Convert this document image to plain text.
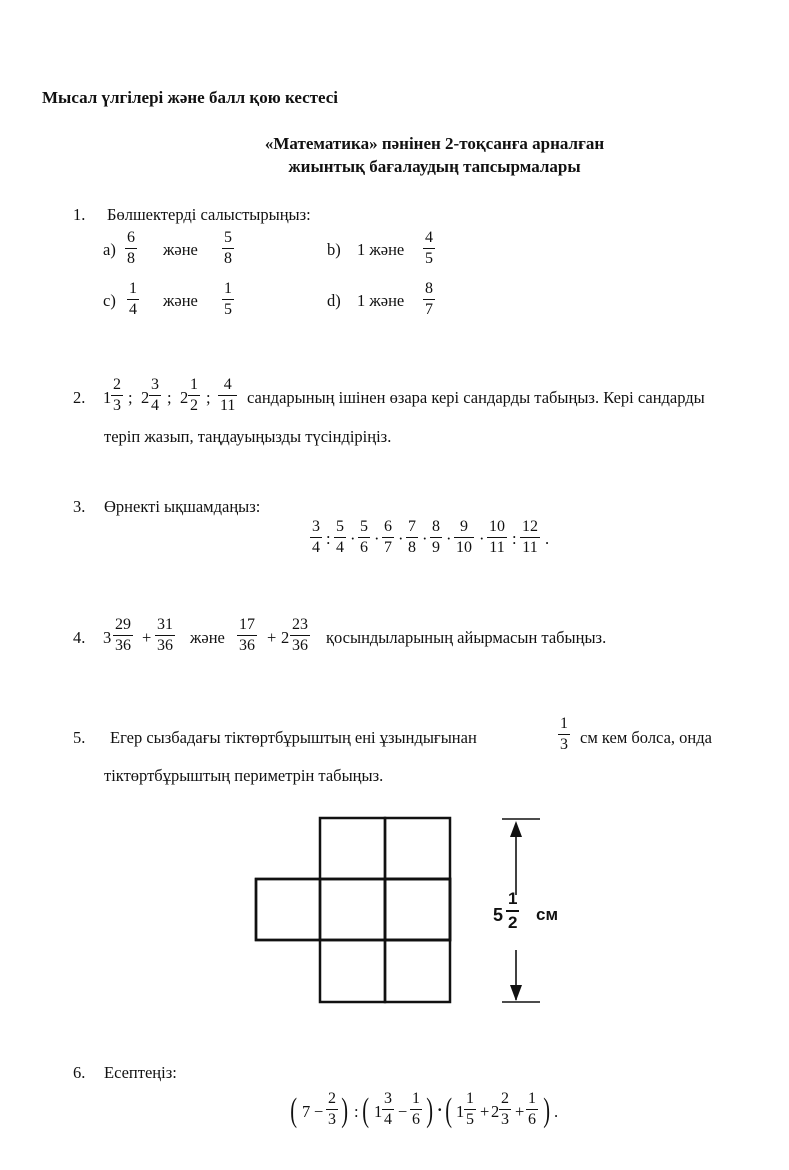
Мысал үлгілері және балл қою кестесі
«Математика» пәнінен 2-тоқсанға арналған
жиынтық бағалаудың тапсырмалары
1. Бөлшектерді салыстырыңыз:
a)
6
8 және
5
8	b) 1 және
4
5
c)
1
4 және
1
5	d) 1 және
8
7
2. 1
2
3 ; 2
3
4 ; 2
1
2 ;
4
11 сандарының ішінен өзара кері сандарды табыңыз. Кері сандарды
теріп жазып, таңдауыңызды түсіндіріңіз.
3. Өрнекті ықшамдаңыз:
3
4 :
5
4 ·
5
6 ·
6
7 ·
7
8 ·
8
9 ·
9
10 ·
10
11 :
12
11 .
4. 3
29
36 +
31
36 және
17
36 + 2
23
36 қосындыларының айырмасын табыңыз.
5. Егер сызбадағы тіктөртбұрыштың ені ұзындығынан
1
3 см кем болса, онда
тіктөртбұрыштың периметрін табыңыз.
5
1
2 см
6. Есептеңіз:
( 7 −
2
3 ) : ( 1
3
4 −
1
6 ) · ( 1
1
5 + 2
2
3 +
1
6 ) .
